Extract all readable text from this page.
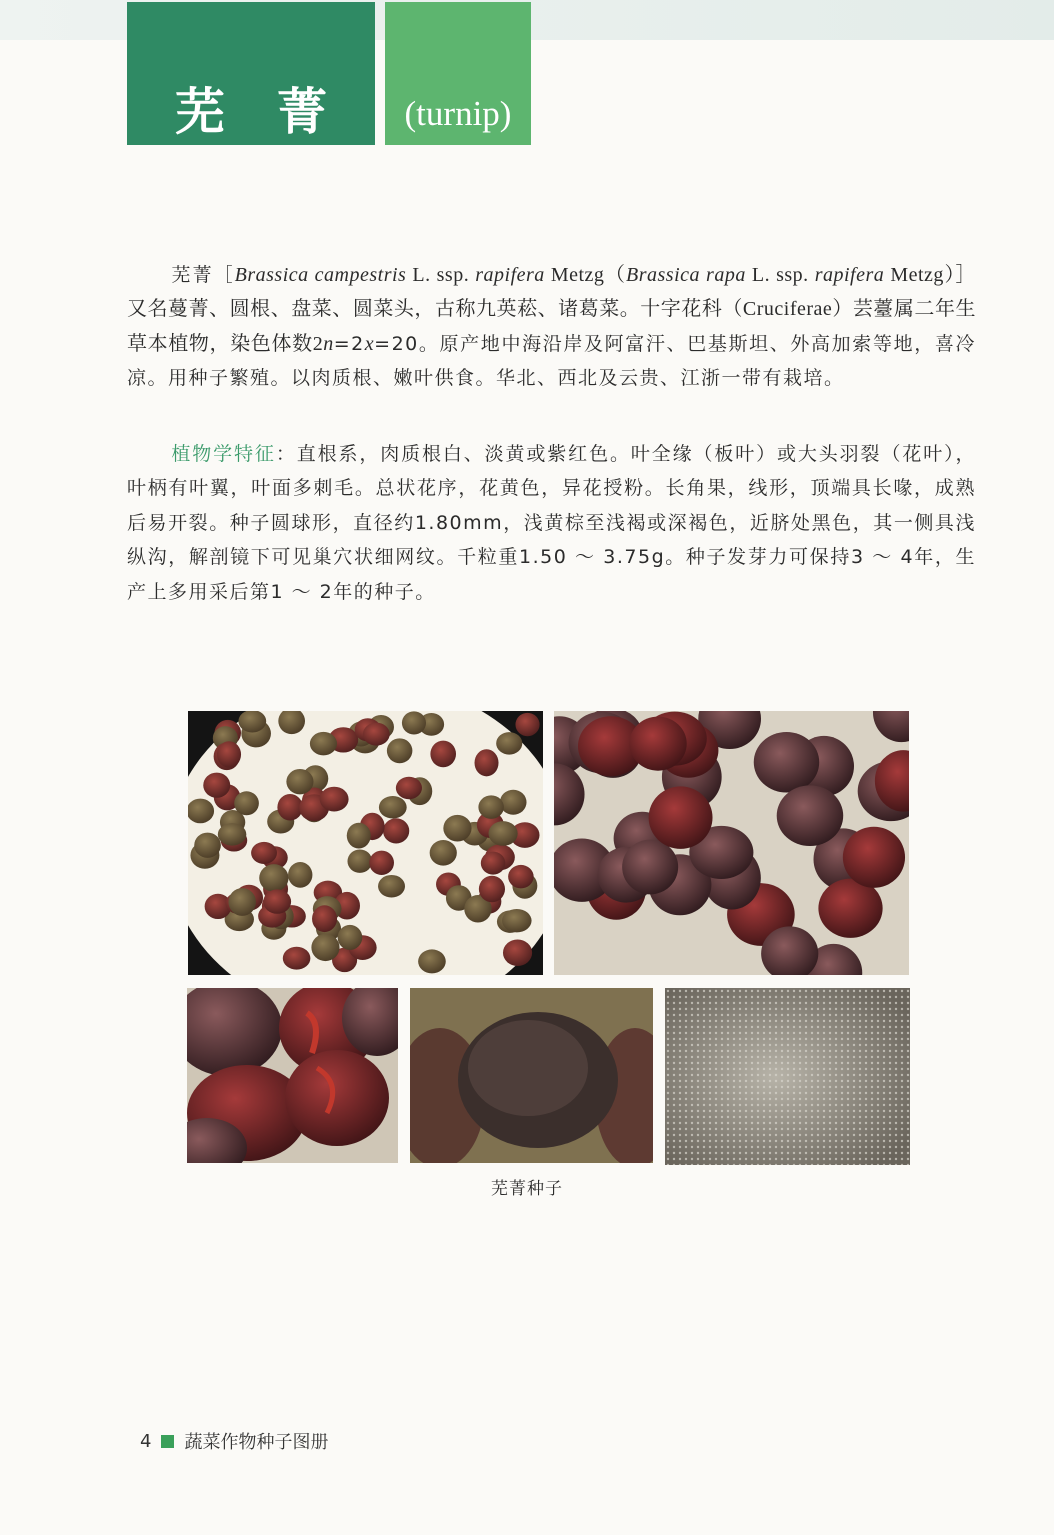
芜 菁	(turnip)
芜菁［Brassica campestris L. ssp. rapifera Metzg（Brassica rapa L. ssp. rapifera Metzg）］又名蔓菁、圆根、盘菜、圆菜头，古称九英菘、诸葛菜。十字花科（Cruciferae）芸薹属二年生草本植物，染色体数2n=2x=20。原产地中海沿岸及阿富汗、巴基斯坦、外高加索等地，喜冷凉。用种子繁殖。以肉质根、嫩叶供食。华北、西北及云贵、江浙一带有栽培。
植物学特征：直根系，肉质根白、淡黄或紫红色。叶全缘（板叶）或大头羽裂（花叶），叶柄有叶翼，叶面多刺毛。总状花序，花黄色，异花授粉。长角果，线形，顶端具长喙，成熟后易开裂。种子圆球形，直径约1.80mm，浅黄棕至浅褐或深褐色，近脐处黑色，其一侧具浅纵沟，解剖镜下可见巢穴状细网纹。千粒重1.50 ～ 3.75g。种子发芽力可保持3 ～ 4年，生产上多用采后第1 ～ 2年的种子。
芜菁种子
4 蔬菜作物种子图册
